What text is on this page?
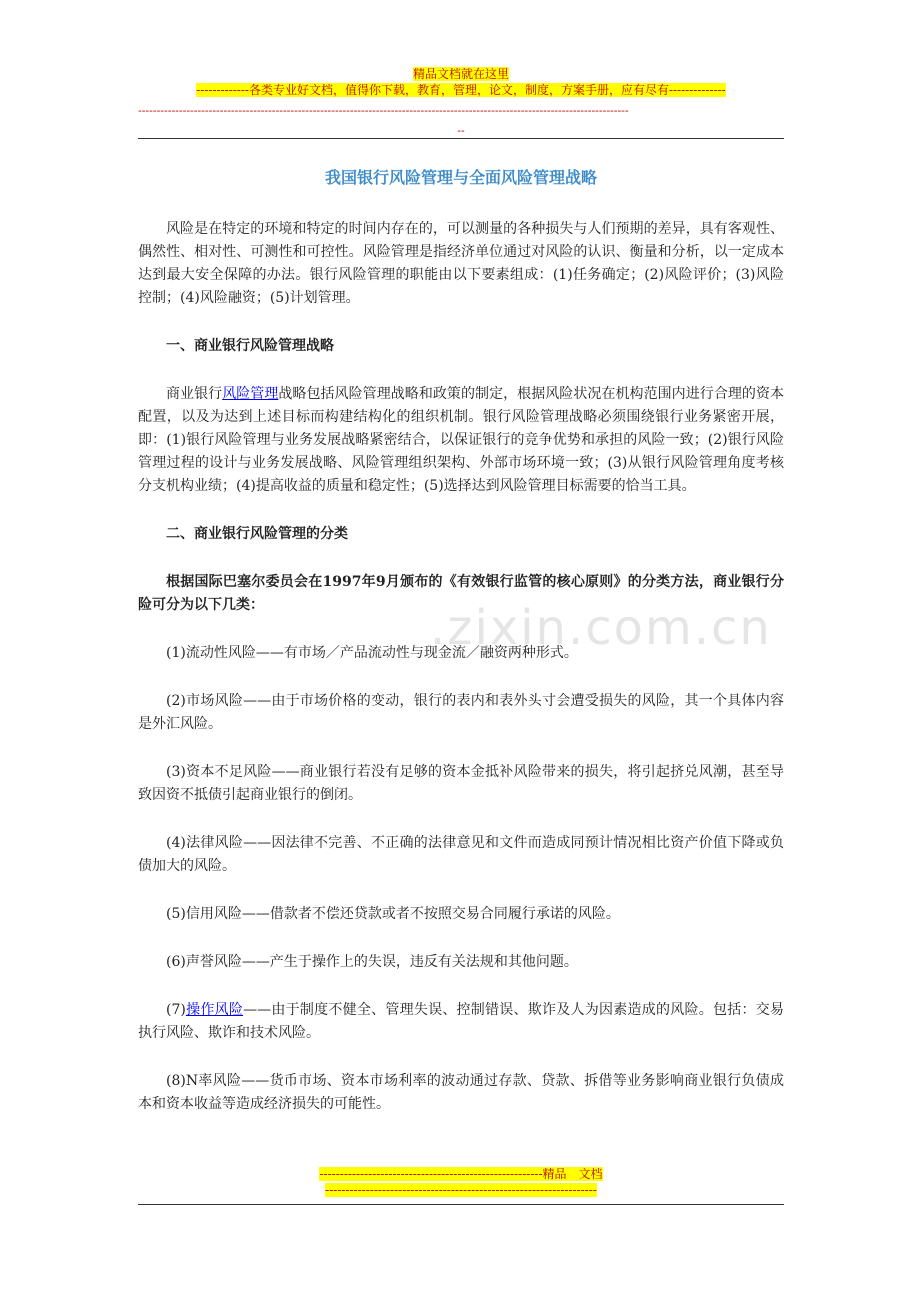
精品文档就在这里
-------------各类专业好文档，值得你下载，教育，管理，论文，制度，方案手册，应有尽有--------------
------------------------------------------------------------------------------------------------------------------------------------
--
我国银行风险管理与全面风险管理战略

风险是在特定的环境和特定的时间内存在的，可以测量的各种损失与人们预期的差异，具有客观性、偶然性、相对性、可测性和可控性。风险管理是指经济单位通过对风险的认识、衡量和分析，以一定成本达到最大安全保障的办法。银行风险管理的职能由以下要素组成：(1)任务确定；(2)风险评价；(3)风险控制；(4)风险融资；(5)计划管理。

一、商业银行风险管理战略

商业银行风险管理战略包括风险管理战略和政策的制定，根据风险状况在机构范围内进行合理的资本配置，以及为达到上述目标而构建结构化的组织机制。银行风险管理战略必须围绕银行业务紧密开展，即：(1)银行风险管理与业务发展战略紧密结合，以保证银行的竞争优势和承担的风险一致；(2)银行风险管理过程的设计与业务发展战略、风险管理组织架构、外部市场环境一致；(3)从银行风险管理角度考核分支机构业绩；(4)提高收益的质量和稳定性；(5)选择达到风险管理目标需要的恰当工具。

二、商业银行风险管理的分类

根据国际巴塞尔委员会在1997年9月颁布的《有效银行监管的核心原则》的分类方法，商业银行分险可分为以下几类：

(1)流动性风险——有市场／产品流动性与现金流／融资两种形式。

(2)市场风险——由于市场价格的变动，银行的表内和表外头寸会遭受损失的风险，其一个具体内容是外汇风险。

(3)资本不足风险——商业银行若没有足够的资本金抵补风险带来的损失，将引起挤兑风潮，甚至导致因资不抵债引起商业银行的倒闭。

(4)法律风险——因法律不完善、不正确的法律意见和文件而造成同预计情况相比资产价值下降或负债加大的风险。

(5)信用风险——借款者不偿还贷款或者不按照交易合同履行承诺的风险。

(6)声誉风险——产生于操作上的失误，违反有关法规和其他问题。

(7)操作风险——由于制度不健全、管理失误、控制错误、欺诈及人为因素造成的风险。包括：交易执行风险、欺诈和技术风险。

(8)N率风险——货币市场、资本市场利率的波动通过存款、贷款、拆借等业务影响商业银行负债成本和资本收益等造成经济损失的可能性。

.zixin.com.cn
-------------------------------------------------------精品　文档
-------------------------------------------------------------------
